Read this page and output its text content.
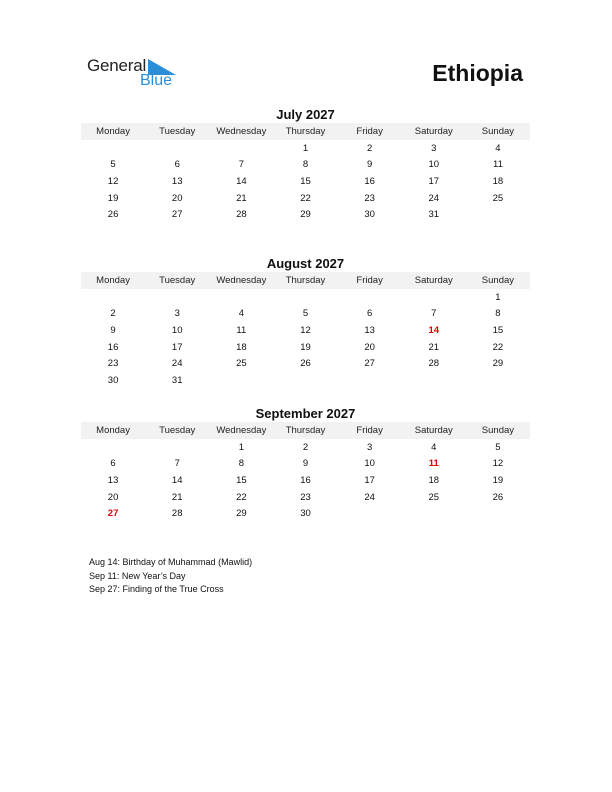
General
Blue	Ethiopia
July 2027
Monday	Tuesday	Wednesday	Thursday	Friday	Saturday	Sunday
			1	2	3	4
5	6	7	8	9	10	11
12	13	14	15	16	17	18
19	20	21	22	23	24	25
26	27	28	29	30	31	
August 2027
Monday	Tuesday	Wednesday	Thursday	Friday	Saturday	Sunday
						1
2	3	4	5	6	7	8
9	10	11	12	13	14	15
16	17	18	19	20	21	22
23	24	25	26	27	28	29
30	31					
September 2027
Monday	Tuesday	Wednesday	Thursday	Friday	Saturday	Sunday
		1	2	3	4	5
6	7	8	9	10	11	12
13	14	15	16	17	18	19
20	21	22	23	24	25	26
27	28	29	30			
Aug 14: Birthday of Muhammad (Mawlid)
Sep 11: New Year’s Day
Sep 27: Finding of the True Cross
